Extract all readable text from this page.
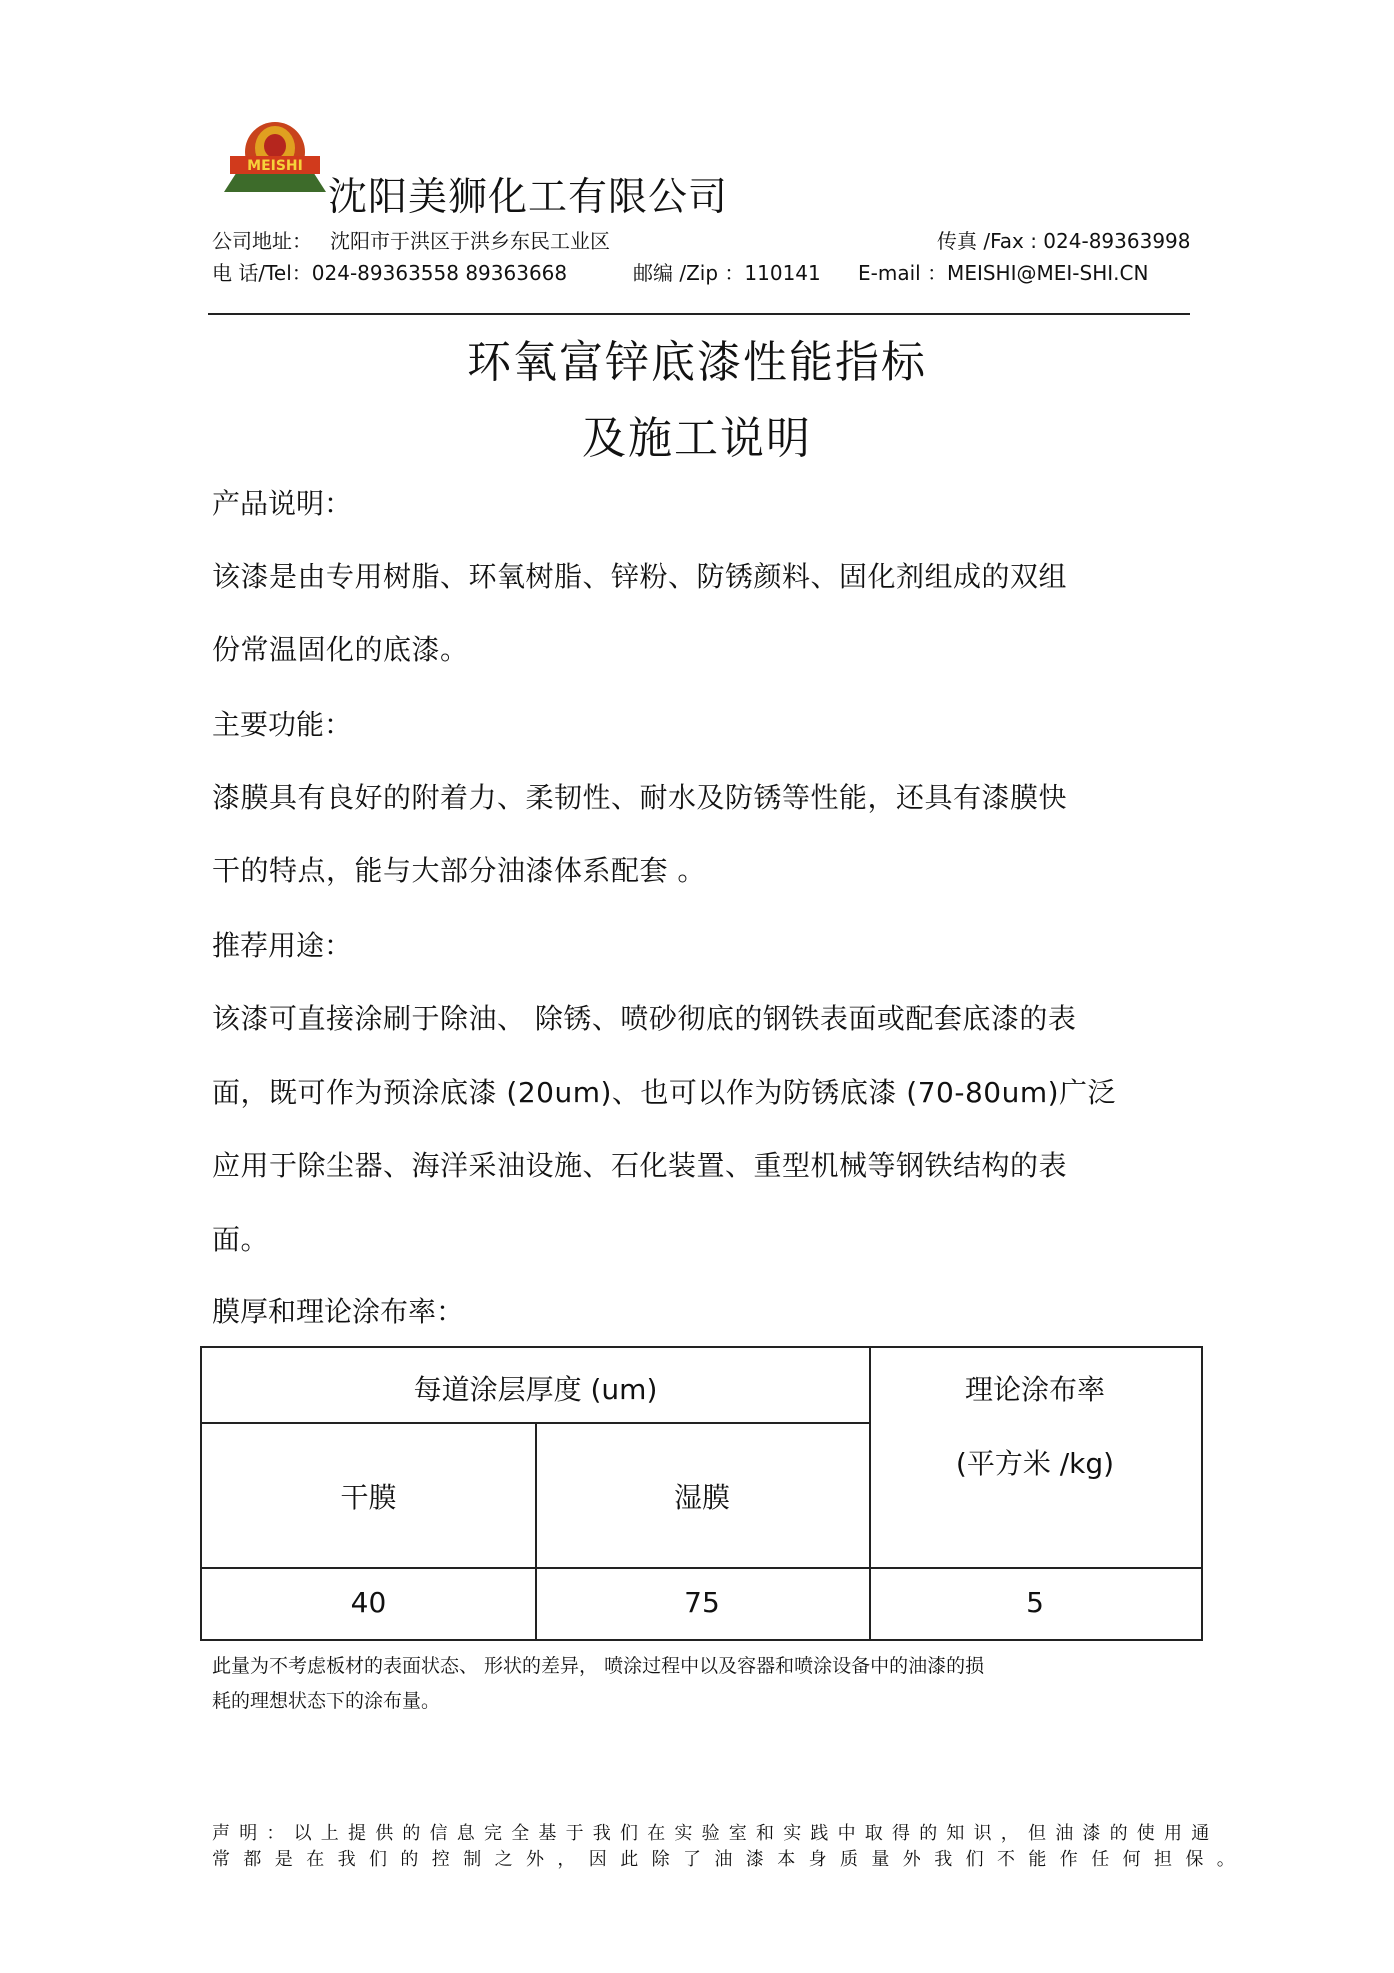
MEISHI
沈阳美狮化工有限公司
公司地址： 沈阳市于洪区于洪乡东民工业区	传真 /Fax : 024-89363998
电 话/Tel：024-89363558 89363668	邮编 /Zip ：110141 E-mail ：MEISHI@MEI-SHI.CN
环氧富锌底漆性能指标
及施工说明
产品说明：
该漆是由专用树脂、环氧树脂、锌粉、防锈颜料、固化剂组成的双组
份常温固化的底漆。
主要功能：
漆膜具有良好的附着力、柔韧性、耐水及防锈等性能，还具有漆膜快
干的特点，能与大部分油漆体系配套 。
推荐用途：
该漆可直接涂刷于除油、 除锈、喷砂彻底的钢铁表面或配套底漆的表
面，既可作为预涂底漆 (20um)、也可以作为防锈底漆 (70-80um)广泛
应用于除尘器、海洋采油设施、石化装置、重型机械等钢铁结构的表
面。
膜厚和理论涂布率：
每道涂层厚度 (um)	理论涂布率
(平方米 /kg)
干膜	湿膜
40	75	5
此量为不考虑板材的表面状态、 形状的差异， 喷涂过程中以及容器和喷涂设备中的油漆的损
耗的理想状态下的涂布量。
声明：以上提供的信息完全基于我们在实验室和实践中取得的知识，但油漆的使用通
常都是在我们的控制之外，因此除了油漆本身质量外我们不能作任何担保。
